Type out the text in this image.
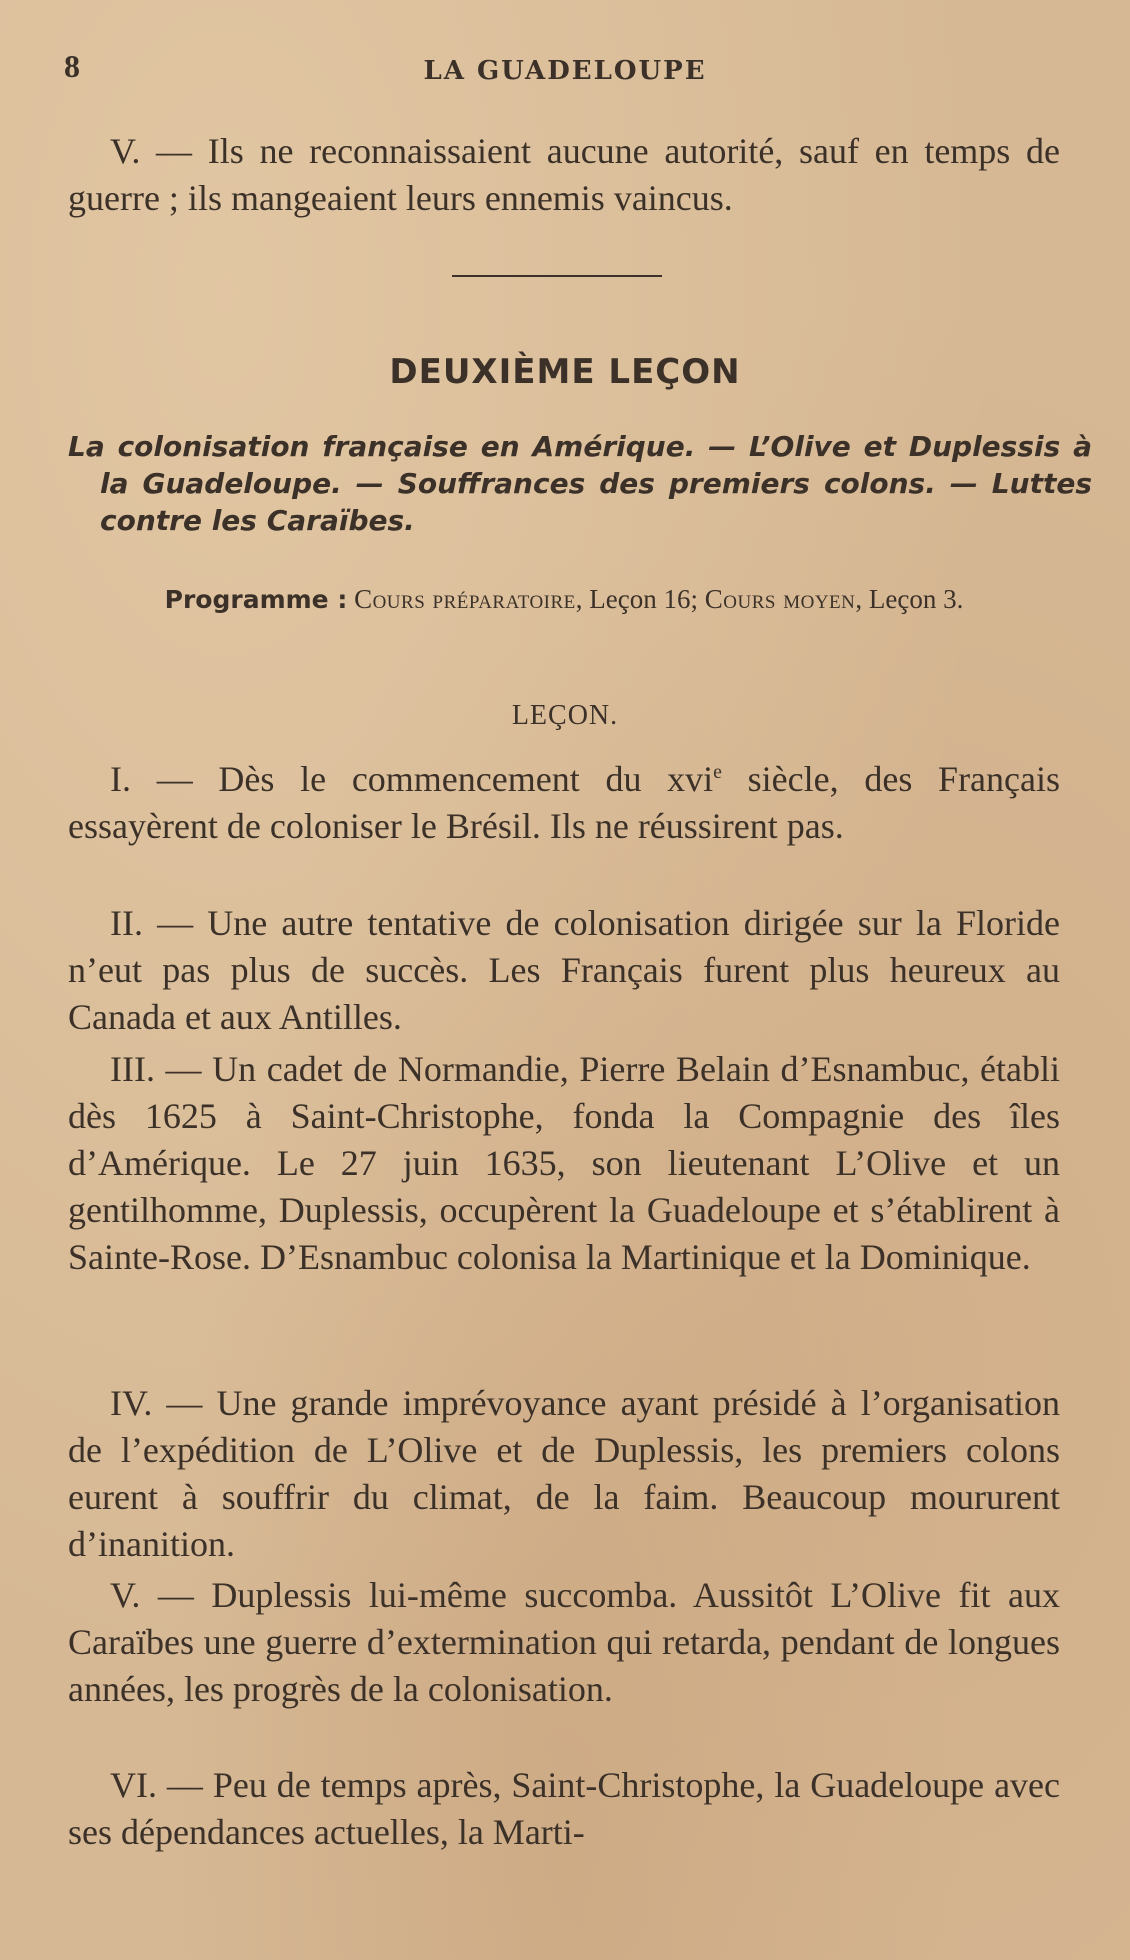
8	LA GUADELOUPE

V. — Ils ne reconnaissaient aucune autorité, sauf en temps de guerre ; ils mangeaient leurs ennemis vaincus.

DEUXIÈME LEÇON

La colonisation française en Amérique. — L’Olive et Duplessis à la Guadeloupe. — Souffrances des premiers colons. — Luttes contre les Caraïbes.

Programme : Cours préparatoire, Leçon 16; Cours moyen, Leçon 3.

LEÇON.

I. — Dès le commencement du xvi$^e$ siècle, des Français essayèrent de coloniser le Brésil. Ils ne réussirent pas.

II. — Une autre tentative de colonisation dirigée sur la Floride n’eut pas plus de succès. Les Français furent plus heureux au Canada et aux Antilles.

III. — Un cadet de Normandie, Pierre Belain d’Esnambuc, établi dès 1625 à Saint-Christophe, fonda la Compagnie des îles d’Amérique. Le 27 juin 1635, son lieutenant L’Olive et un gentilhomme, Duplessis, occupèrent la Guadeloupe et s’établirent à Sainte-Rose. D’Esnambuc colonisa la Martinique et la Dominique.

IV. — Une grande imprévoyance ayant présidé à l’organisation de l’expédition de L’Olive et de Duplessis, les premiers colons eurent à souffrir du climat, de la faim. Beaucoup moururent d’inanition.

V. — Duplessis lui-même succomba. Aussitôt L’Olive fit aux Caraïbes une guerre d’extermination qui retarda, pendant de longues années, les progrès de la colonisation.

VI. — Peu de temps après, Saint-Christophe, la Guadeloupe avec ses dépendances actuelles, la Marti-
